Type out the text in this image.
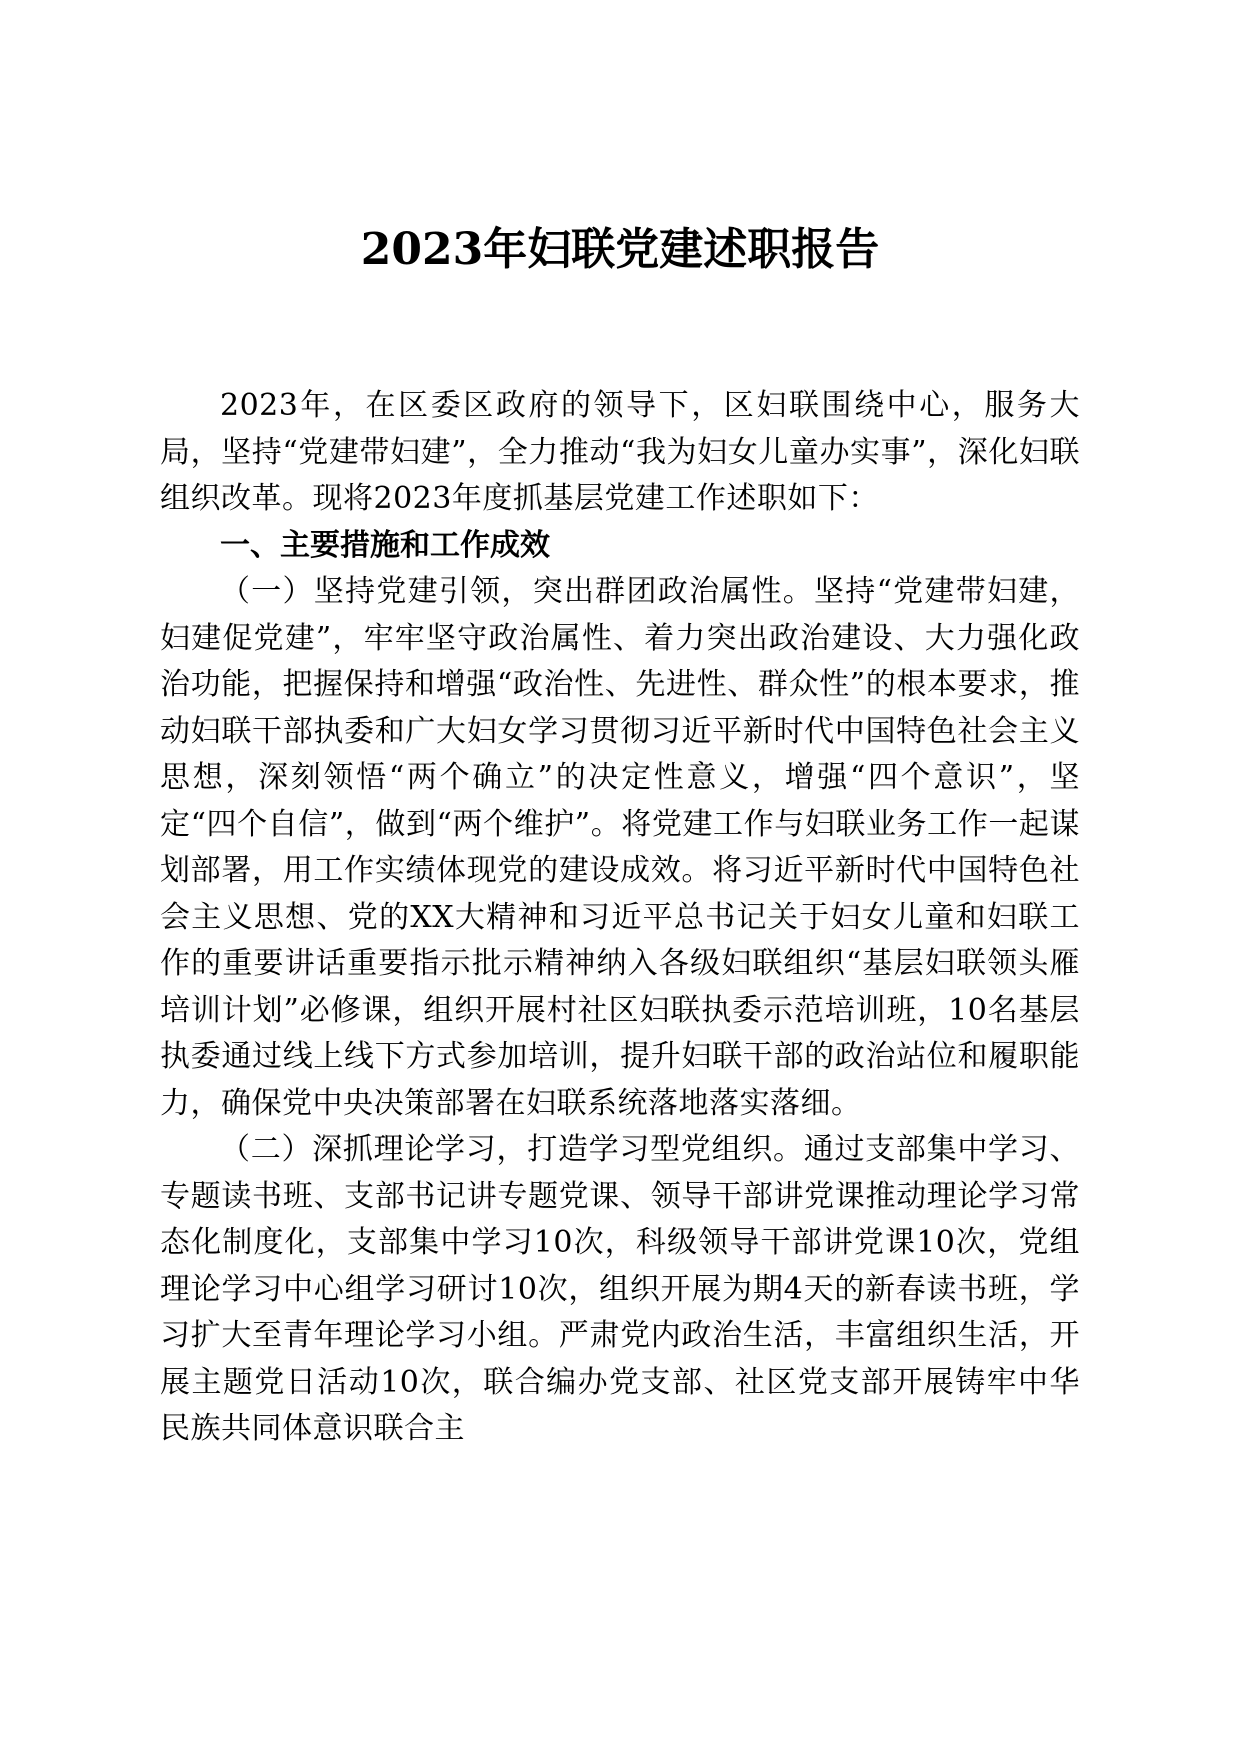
2023年妇联党建述职报告

2023年，在区委区政府的领导下，区妇联围绕中心，服务大局，坚持“党建带妇建”，全力推动“我为妇女儿童办实事”，深化妇联组织改革。现将2023年度抓基层党建工作述职如下：

一、主要措施和工作成效

（一）坚持党建引领，突出群团政治属性。坚持“党建带妇建，妇建促党建”，牢牢坚守政治属性、着力突出政治建设、大力强化政治功能，把握保持和增强“政治性、先进性、群众性”的根本要求，推动妇联干部执委和广大妇女学习贯彻习近平新时代中国特色社会主义思想，深刻领悟“两个确立”的决定性意义，增强“四个意识”，坚定“四个自信”，做到“两个维护”。将党建工作与妇联业务工作一起谋划部署，用工作实绩体现党的建设成效。将习近平新时代中国特色社会主义思想、党的XX大精神和习近平总书记关于妇女儿童和妇联工作的重要讲话重要指示批示精神纳入各级妇联组织“基层妇联领头雁培训计划”必修课，组织开展村社区妇联执委示范培训班，10名基层执委通过线上线下方式参加培训，提升妇联干部的政治站位和履职能力，确保党中央决策部署在妇联系统落地落实落细。

（二）深抓理论学习，打造学习型党组织。通过支部集中学习、专题读书班、支部书记讲专题党课、领导干部讲党课推动理论学习常态化制度化，支部集中学习10次，科级领导干部讲党课10次，党组理论学习中心组学习研讨10次，组织开展为期4天的新春读书班，学习扩大至青年理论学习小组。严肃党内政治生活，丰富组织生活，开展主题党日活动10次，联合编办党支部、社区党支部开展铸牢中华民族共同体意识联合主
